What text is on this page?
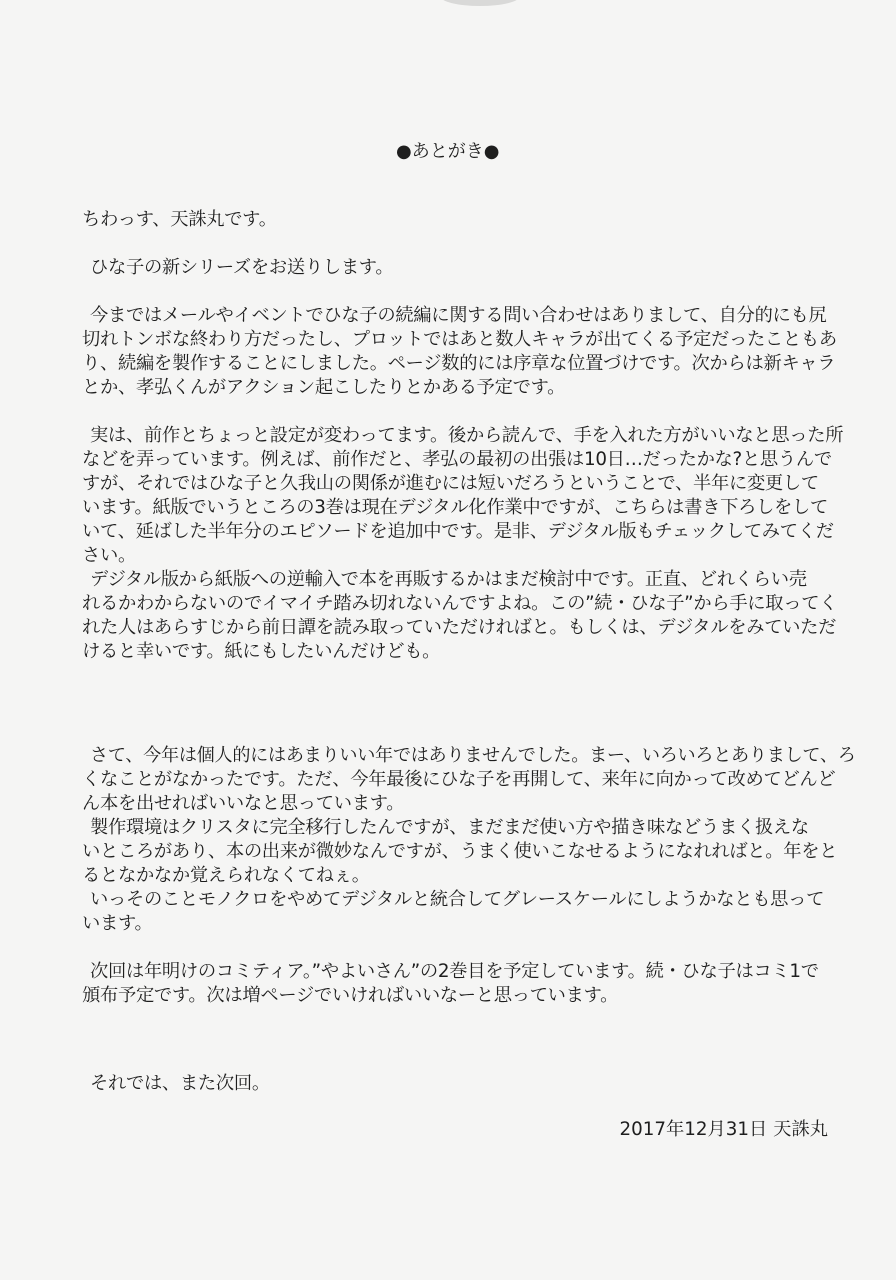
●あとがき●
ちわっす、天誅丸です。
ひな子の新シリーズをお送りします。
今まではメールやイベントでひな子の続編に関する問い合わせはありまして、自分的にも尻
切れトンボな終わり方だったし、プロットではあと数人キャラが出てくる予定だったこともあ
り、続編を製作することにしました。ページ数的には序章な位置づけです。次からは新キャラ
とか、孝弘くんがアクション起こしたりとかある予定です。
実は、前作とちょっと設定が変わってます。後から読んで、手を入れた方がいいなと思った所
などを弄っています。例えば、前作だと、孝弘の最初の出張は10日…だったかな?と思うんで
すが、それではひな子と久我山の関係が進むには短いだろうということで、半年に変更して
います。紙版でいうところの3巻は現在デジタル化作業中ですが、こちらは書き下ろしをして
いて、延ばした半年分のエピソードを追加中です。是非、デジタル版もチェックしてみてくだ
さい。
デジタル版から紙版への逆輸入で本を再販するかはまだ検討中です。正直、どれくらい売
れるかわからないのでイマイチ踏み切れないんですよね。この”続・ひな子”から手に取ってく
れた人はあらすじから前日譚を読み取っていただければと。もしくは、デジタルをみていただ
けると幸いです。紙にもしたいんだけども。
さて、今年は個人的にはあまりいい年ではありませんでした。まー、いろいろとありまして、ろ
くなことがなかったです。ただ、今年最後にひな子を再開して、来年に向かって改めてどんど
ん本を出せればいいなと思っています。
製作環境はクリスタに完全移行したんですが、まだまだ使い方や描き味などうまく扱えな
いところがあり、本の出来が微妙なんですが、うまく使いこなせるようになれればと。年をと
るとなかなか覚えられなくてねぇ。
いっそのことモノクロをやめてデジタルと統合してグレースケールにしようかなとも思って
います。
次回は年明けのコミティア。”やよいさん”の2巻目を予定しています。続・ひな子はコミ1で
頒布予定です。次は増ページでいければいいなーと思っています。
それでは、また次回。
2017年12月31日 天誅丸
